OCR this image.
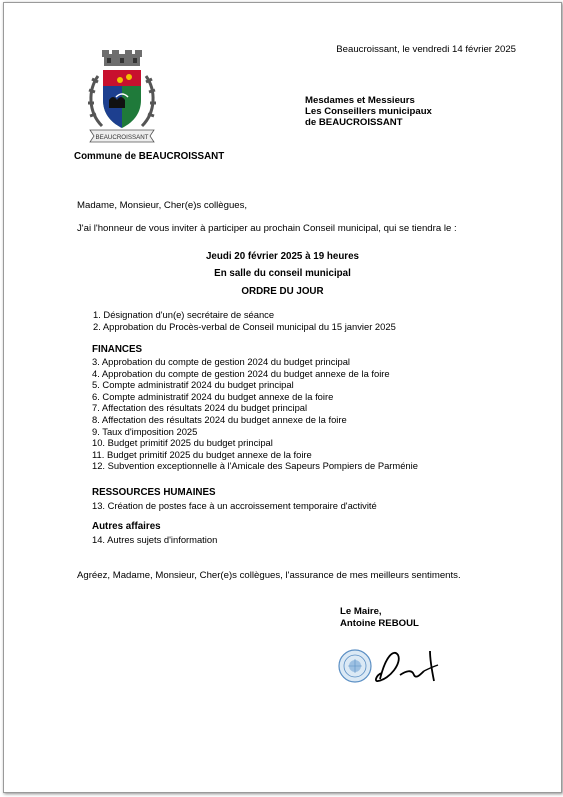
BEAUCROISSANT
Beaucroissant, le vendredi 14 février 2025
Mesdames et Messieurs
Les Conseillers municipaux
de BEAUCROISSANT
Commune de BEAUCROISSANT
Madame, Monsieur, Cher(e)s collègues,
J'ai l'honneur de vous inviter à participer au prochain Conseil municipal, qui se tiendra le :
Jeudi 20 février 2025 à 19 heures
En salle du conseil municipal
ORDRE DU JOUR
1. Désignation d'un(e) secrétaire de séance
2. Approbation du Procès-verbal de Conseil municipal du 15 janvier 2025
FINANCES
3. Approbation du compte de gestion 2024 du budget principal
4. Approbation du compte de gestion 2024 du budget annexe de la foire
5. Compte administratif 2024 du budget principal
6. Compte administratif 2024 du budget annexe de la foire
7. Affectation des résultats 2024 du budget principal
8. Affectation des résultats 2024 du budget annexe de la foire
9. Taux d'imposition 2025
10. Budget primitif 2025 du budget principal
11. Budget primitif 2025 du budget annexe de la foire
12. Subvention exceptionnelle à l'Amicale des Sapeurs Pompiers de Parménie
RESSOURCES HUMAINES
13. Création de postes face à un accroissement temporaire d'activité
Autres affaires
14. Autres sujets d'information
Agréez, Madame, Monsieur, Cher(e)s collègues, l'assurance de mes meilleurs sentiments.
Le Maire,
Antoine REBOUL
